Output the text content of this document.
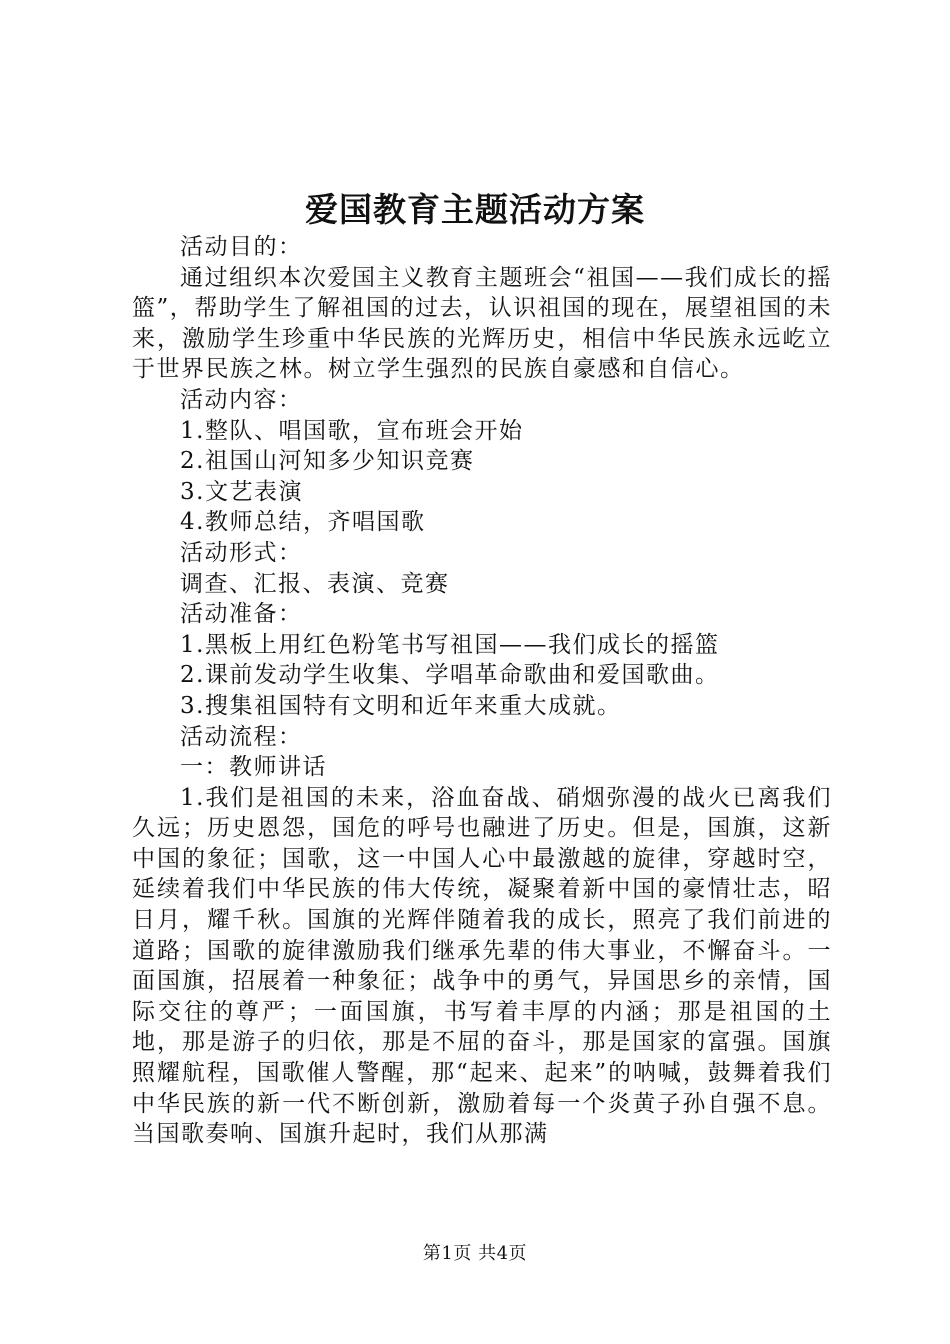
爱国教育主题活动方案

活动目的：

通过组织本次爱国主义教育主题班会“祖国——我们成长的摇篮”，帮助学生了解祖国的过去，认识祖国的现在，展望祖国的未来，激励学生珍重中华民族的光辉历史，相信中华民族永远屹立于世界民族之林。树立学生强烈的民族自豪感和自信心。

活动内容：

1.整队、唱国歌，宣布班会开始

2.祖国山河知多少知识竞赛

3.文艺表演

4.教师总结，齐唱国歌

活动形式：

调查、汇报、表演、竞赛

活动准备：

1.黑板上用红色粉笔书写祖国——我们成长的摇篮

2.课前发动学生收集、学唱革命歌曲和爱国歌曲。

3.搜集祖国特有文明和近年来重大成就。

活动流程：

一：教师讲话

1.我们是祖国的未来，浴血奋战、硝烟弥漫的战火已离我们久远；历史恩怨，国危的呼号也融进了历史。但是，国旗，这新中国的象征；国歌，这一中国人心中最激越的旋律，穿越时空，延续着我们中华民族的伟大传统，凝聚着新中国的豪情壮志，昭日月，耀千秋。国旗的光辉伴随着我的成长，照亮了我们前进的道路；国歌的旋律激励我们继承先辈的伟大事业，不懈奋斗。一面国旗，招展着一种象征；战争中的勇气，异国思乡的亲情，国际交往的尊严；一面国旗，书写着丰厚的内涵；那是祖国的土地，那是游子的归依，那是不屈的奋斗，那是国家的富强。国旗照耀航程，国歌催人警醒，那“起来、起来”的呐喊，鼓舞着我们中华民族的新一代不断创新，激励着每一个炎黄子孙自强不息。当国歌奏响、国旗升起时，我们从那满

第1页 共4页
